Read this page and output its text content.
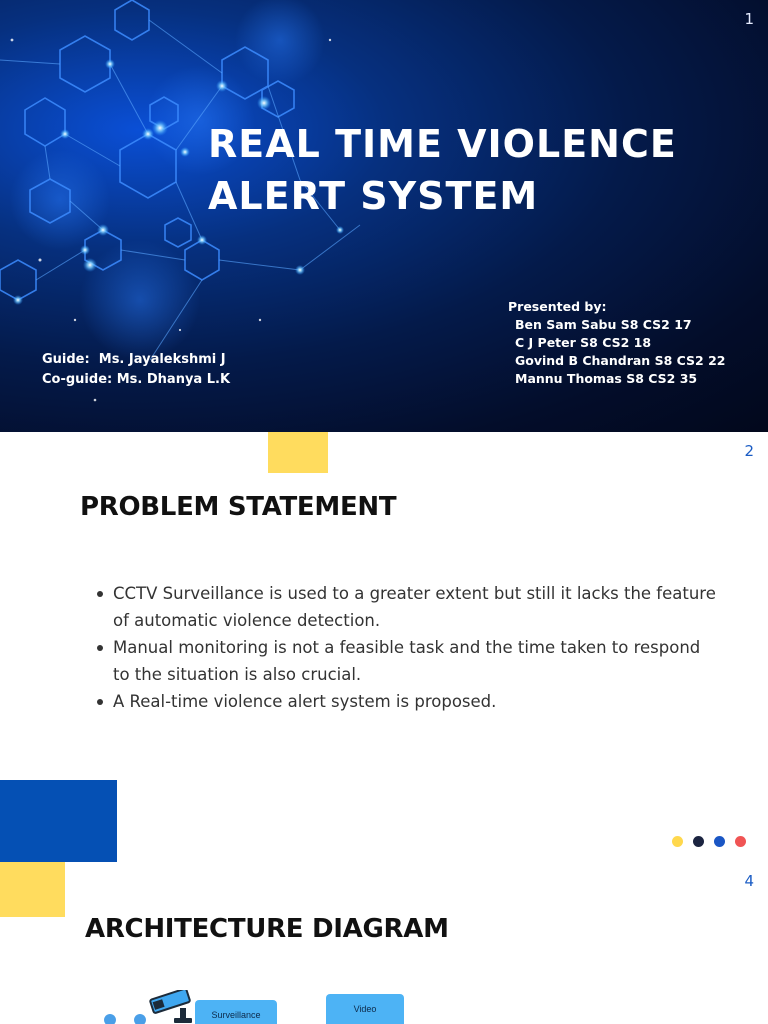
1
REAL TIME VIOLENCE
ALERT SYSTEM
Guide:  Ms. Jayalekshmi J
Co-guide: Ms. Dhanya L.K
Presented by:
Ben Sam Sabu S8 CS2 17
C J Peter S8 CS2 18
Govind B Chandran S8 CS2 22
Mannu Thomas S8 CS2 35
2
PROBLEM STATEMENT
CCTV Surveillance is used to a greater extent but still it lacks the feature of automatic violence detection.
Manual monitoring is not a feasible task and the time taken to respond to the situation is also crucial.
A Real-time violence alert system is proposed.
4
ARCHITECTURE DIAGRAM
Surveillance
Video
